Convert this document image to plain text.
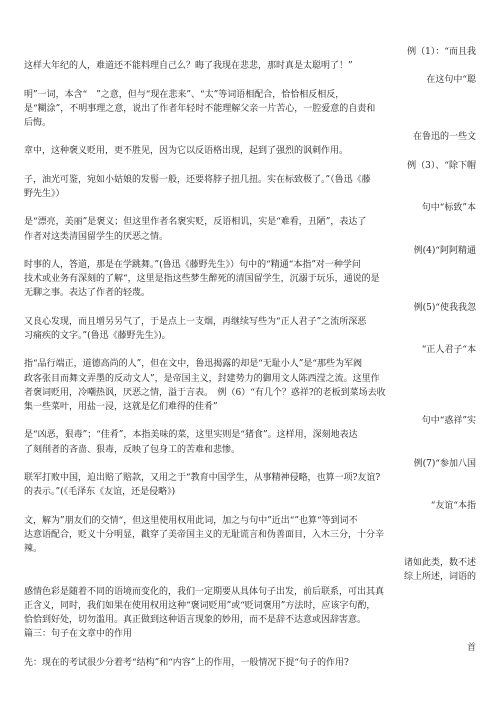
例（1）：“而且我
这样大年纪的人，难道还不能料理自己么？晦了我现在悲悲，那时真是太聪明了！”
在这句中“聪
明”一词，本含“　”之意，但与“现在悲来”、“太”等词语相配合，恰恰相反相反，
是“糊涂”，不明事理之意，说出了作者年轻时不能理解父亲一片苦心，一腔爱意的自责和
后悔。
在鲁迅的一些文
章中，这种褒义贬用，更不胜见，因为它以反语格出现，起到了强烈的讽刺作用。
例（3）、“除下帽
子，油光可鉴，宛如小姑娘的发髻一般，还要将脖子扭几扭。实在标致极了。”（鲁迅《藤
野先生》）
句中“标致”本
是“漂亮，美丽”是褒义；但这里作者名褒实贬，反语相讥，实是“难看，丑陋”，表达了
作者对这类清国留学生的厌恶之情。
例(4)“阿阿精通
时事的人，答道，那是在学跳舞。”(鲁迅《藤野先生》）句中的“精通“本指”对一种学问
技术或业务有深刻的了解“，这里是指这些梦生醉死的清国留学生，沉溺于玩乐，通说的是
无聊之事。表达了作者的轻蔑。
例(5)“使我我忽
又良心发现，而且增另另气了，于是点上一支烟，再继续写些为“正人君子”之流所深恶
习痛疾的文字。”(鲁迅《藤野先生》)。
“正人君子“本
指“品行端正，道德高尚的人”，但在文中，鲁迅揭露的却是“无耻小人”是“那些为军阀
政客张目而舞文弄墨的反动文人”，是帝国主义，封建势力的御用文人陈西滢之流。这里作
者褒词贬用，冷嘲热讽，厌恶之情，溢于言表。　例（6）“有几个？惑祥?的老板到菜场去收
集一些菜叶，用盐一浸，这就是亿们难得的佳肴”
句中“惑祥”实
是“凶恶，狠毒”；“佳肴”，本指美味的菜，这里实则是“猪食”。这样用，深刻地表达
了刻削者的吝啬、狠毒，反映了包身工的苦难和悲惨。
例(7)“参加八国
联军打败中国，迫出赔了赔款，又用之于“教育中国学生，从事精神侵略，也算一项?友谊?
的表示。”(《毛泽东《友谊，还是侵略》)
“友谊“本指
文，解为”朋友们的交情“，但这里使用权用此词，加之与句中”近出“”也算“等到词不
达意语配合，贬义十分明显，戳穿了美帝国主义的无耻谎言和伪善面目，入木三分，十分辛
辣。
诸如此类，数不述
综上所述，词语的
感情色彩是随着不同的语境而变化的，我们一定期要从具体句子出发，前后联系，可出其真
正含义，同时，我们如果在使用权用这种“褒词贬用”或“贬词褒用”方法时，应该字句酌，
恰恰到好处，切勿滥用。真正做到这种语言现象的妙用，而不是辞不达意或因辞害意。
篇三：句子在文章中的作用
首
先：现在的考试很少分着考“结构”和“内容”上的作用，一般情况下提“句子的作用?
